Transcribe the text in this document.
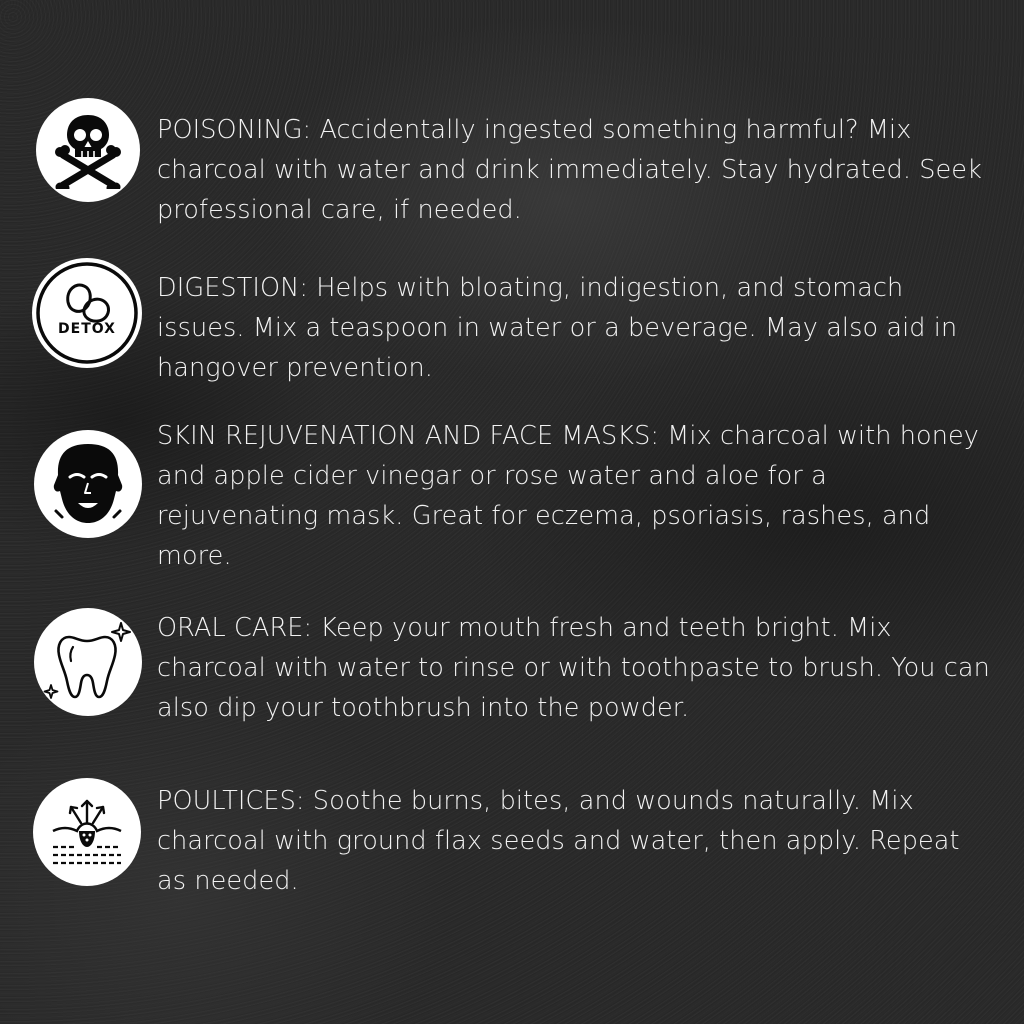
POISONING: Accidentally ingested something harmful? Mix charcoal with water and drink immediately. Stay hydrated. Seek professional care, if needed.
DETOX
DIGESTION: Helps with bloating, indigestion, and stomach issues. Mix a teaspoon in water or a beverage. May also aid in hangover prevention.
SKIN REJUVENATION AND FACE MASKS: Mix charcoal with honey and apple cider vinegar or rose water and aloe for a rejuvenating mask. Great for eczema, psoriasis, rashes, and more.
ORAL CARE: Keep your mouth fresh and teeth bright. Mix charcoal with water to rinse or with toothpaste to brush. You can also dip your toothbrush into the powder.
POULTICES: Soothe burns, bites, and wounds naturally. Mix charcoal with ground flax seeds and water, then apply. Repeat as needed.
